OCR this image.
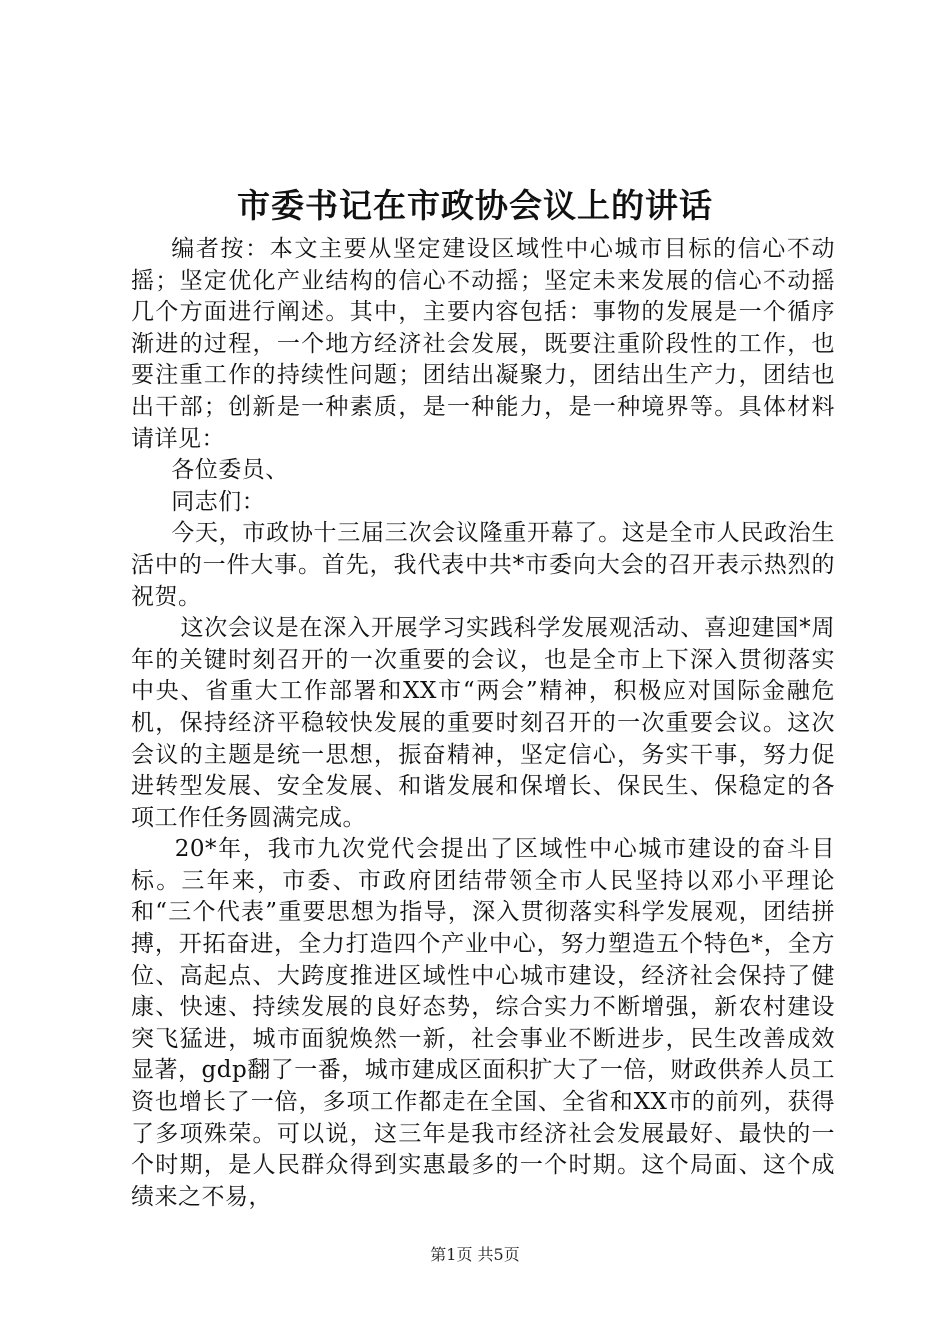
市委书记在市政协会议上的讲话

编者按：本文主要从坚定建设区域性中心城市目标的信心不动摇；坚定优化产业结构的信心不动摇；坚定未来发展的信心不动摇几个方面进行阐述。其中，主要内容包括：事物的发展是一个循序渐进的过程，一个地方经济社会发展，既要注重阶段性的工作，也要注重工作的持续性问题；团结出凝聚力，团结出生产力，团结也出干部；创新是一种素质，是一种能力，是一种境界等。具体材料请详见：

各位委员、

同志们：

今天，市政协十三届三次会议隆重开幕了。这是全市人民政治生活中的一件大事。首先，我代表中共*市委向大会的召开表示热烈的祝贺。

这次会议是在深入开展学习实践科学发展观活动、喜迎建国*周年的关键时刻召开的一次重要的会议，也是全市上下深入贯彻落实中央、省重大工作部署和XX市“两会”精神，积极应对国际金融危机，保持经济平稳较快发展的重要时刻召开的一次重要会议。这次会议的主题是统一思想，振奋精神，坚定信心，务实干事，努力促进转型发展、安全发展、和谐发展和保增长、保民生、保稳定的各项工作任务圆满完成。

20*年，我市九次党代会提出了区域性中心城市建设的奋斗目标。三年来，市委、市政府团结带领全市人民坚持以邓小平理论和“三个代表”重要思想为指导，深入贯彻落实科学发展观，团结拼搏，开拓奋进，全力打造四个产业中心，努力塑造五个特色*，全方位、高起点、大跨度推进区域性中心城市建设，经济社会保持了健康、快速、持续发展的良好态势，综合实力不断增强，新农村建设突飞猛进，城市面貌焕然一新，社会事业不断进步，民生改善成效显著，gdp翻了一番，城市建成区面积扩大了一倍，财政供养人员工资也增长了一倍，多项工作都走在全国、全省和XX市的前列，获得了多项殊荣。可以说，这三年是我市经济社会发展最好、最快的一个时期，是人民群众得到实惠最多的一个时期。这个局面、这个成绩来之不易，

第1页 共5页
